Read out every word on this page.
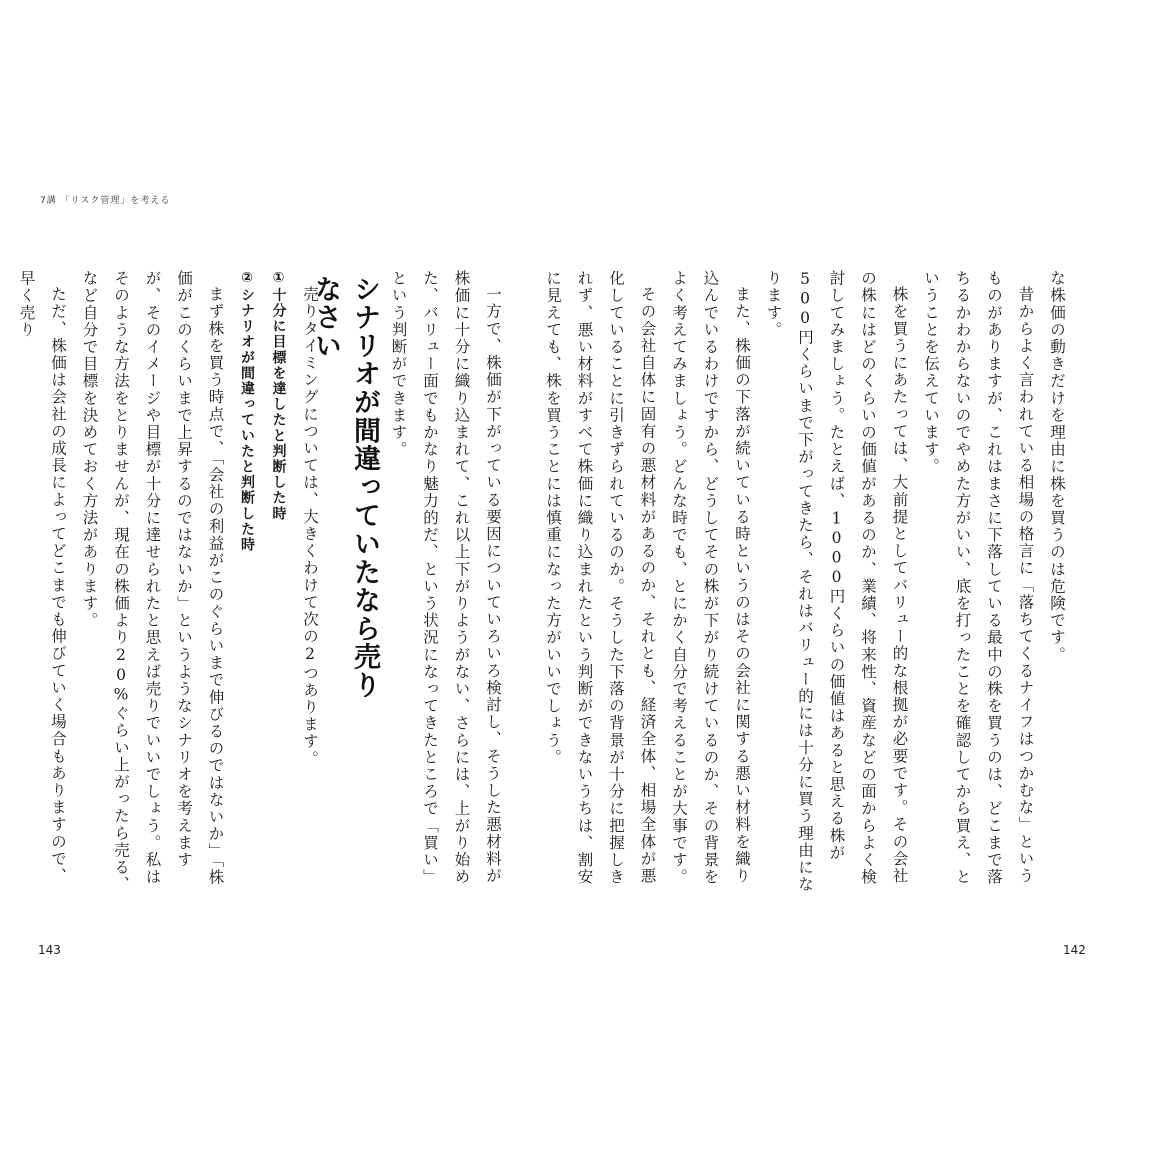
7講 「リスク管理」を考える

一方で、株価が下がっている要因についていろいろ検討し、そうした悪材料が株価に十分に織り込まれて、これ以上下がりようがない、さらには、上がり始めた、バリュー面でもかなり魅力的だ、という状況になってきたところで「買い」という判断ができます。

シナリオが間違っていたなら売りなさい

売りタイミングについては、大きくわけて次の2つあります。

①十分に目標を達したと判断した時

②シナリオが間違っていたと判断した時

まず株を買う時点で、「会社の利益がこのぐらいまで伸びるのではないか」「株価がこのくらいまで上昇するのではないか」というようなシナリオを考えますが、そのイメージや目標が十分に達せられたと思えば売りでいいでしょう。私はそのような方法をとりませんが、現在の株価より20%ぐらい上がったら売る、など自分で目標を決めておく方法があります。

ただ、株価は会社の成長によってどこまでも伸びていく場合もありますので、早く売り

143

な株価の動きだけを理由に株を買うのは危険です。

昔からよく言われている相場の格言に「落ちてくるナイフはつかむな」というものがありますが、これはまさに下落している最中の株を買うのは、どこまで落ちるかわからないのでやめた方がいい、底を打ったことを確認してから買え、ということを伝えています。

株を買うにあたっては、大前提としてバリュー的な根拠が必要です。その会社の株にはどのくらいの価値があるのか、業績、将来性、資産などの面からよく検討してみましょう。たとえば、1000円くらいの価値はあると思える株が500円くらいまで下がってきたら、それはバリュー的には十分に買う理由になります。

また、株価の下落が続いている時というのはその会社に関する悪い材料を織り込んでいるわけですから、どうしてその株が下がり続けているのか、その背景をよく考えてみましょう。どんな時でも、とにかく自分で考えることが大事です。

その会社自体に固有の悪材料があるのか、それとも、経済全体、相場全体が悪化していることに引きずられているのか。そうした下落の背景が十分に把握しきれず、悪い材料がすべて株価に織り込まれたという判断ができないうちは、割安に見えても、株を買うことには慎重になった方がいいでしょう。

142
